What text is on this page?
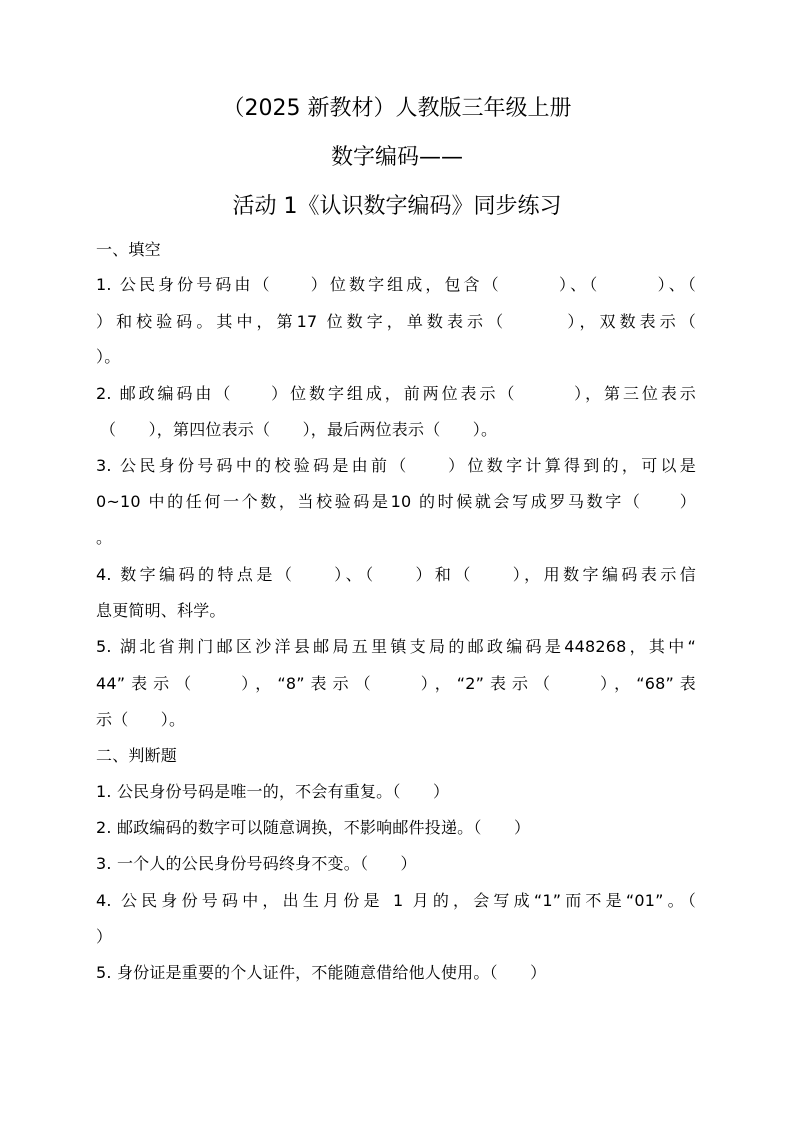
（2025 新教材）人教版三年级上册
数字编码——
活动 1《认识数字编码》同步练习
一、填空
1. 公民身份号码由（　　）位数字组成，包含（　　　）、（　　　）、（
）和校验码。其中，第17 位数字，单数表示（　　　），双数表示（
）。
2. 邮政编码由（　　）位数字组成，前两位表示（　　　），第三位表示
（　　），第四位表示（　　），最后两位表示（　　）。
3. 公民身份号码中的校验码是由前（　　）位数字计算得到的，可以是
0~10 中的任何一个数，当校验码是10 的时候就会写成罗马数字（　　）
。
4. 数字编码的特点是（　　）、（　　）和（　　），用数字编码表示信
息更简明、科学。
5. 湖北省荆门邮区沙洋县邮局五里镇支局的邮政编码是448268，其中“
44”表示（　　），“8”表示（　　），“2”表示（　　），“68”表
示（　　）。
二、判断题
1. 公民身份号码是唯一的，不会有重复。（　　）
2. 邮政编码的数字可以随意调换，不影响邮件投递。（　　）
3. 一个人的公民身份号码终身不变。（　　）
4. 公民身份号码中，出生月份是 1 月的，会写成“1”而不是“01”。（
）
5. 身份证是重要的个人证件，不能随意借给他人使用。（　　）
